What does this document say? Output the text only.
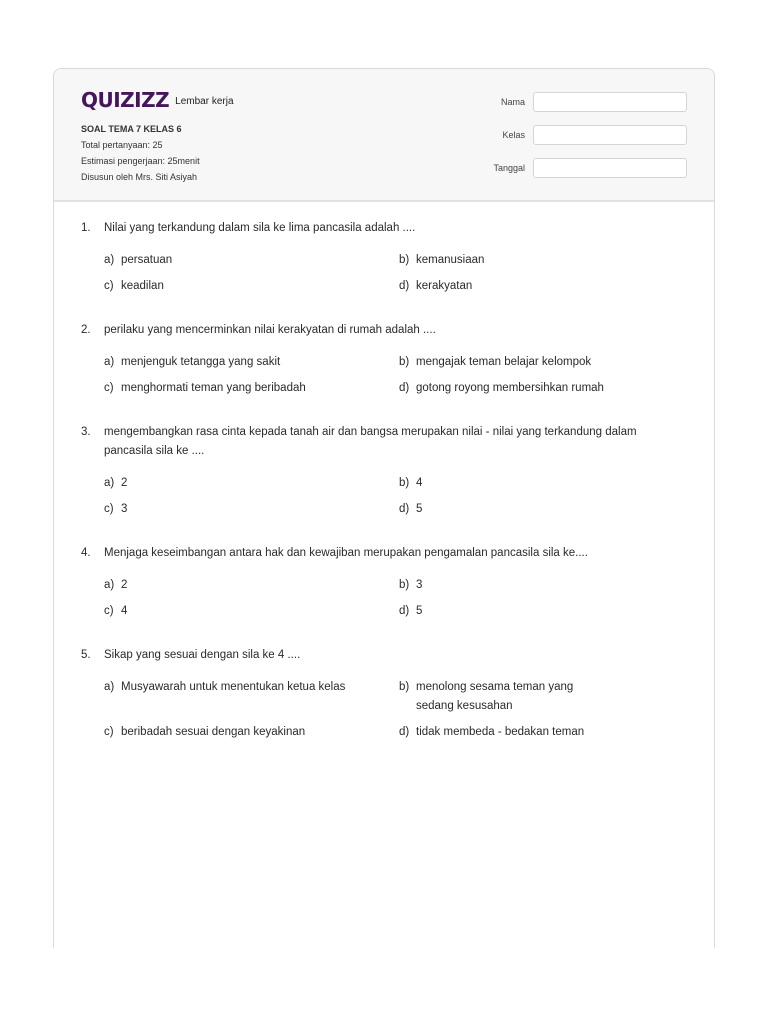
QUIZIZZ Lembar kerja
SOAL TEMA 7 KELAS 6
Total pertanyaan: 25
Estimasi pengerjaan: 25menit
Disusun oleh Mrs. Siti Asiyah
Nama
Kelas
Tanggal
1. Nilai yang terkandung dalam sila ke lima pancasila adalah ....
a) persatuan	b) kemanusiaan
c) keadilan	d) kerakyatan
2. perilaku yang mencerminkan nilai kerakyatan di rumah adalah ....
a) menjenguk tetangga yang sakit	b) mengajak teman belajar kelompok
c) menghormati teman yang beribadah	d) gotong royong membersihkan rumah
3. mengembangkan rasa cinta kepada tanah air dan bangsa merupakan nilai - nilai yang terkandung dalam pancasila sila ke ....
a) 2	b) 4
c) 3	d) 5
4. Menjaga keseimbangan antara hak dan kewajiban merupakan pengamalan pancasila sila ke....
a) 2	b) 3
c) 4	d) 5
5. Sikap yang sesuai dengan sila ke 4 ....
a) Musyawarah untuk menentukan ketua kelas	b) menolong sesama teman yang sedang kesusahan
c) beribadah sesuai dengan keyakinan	d) tidak membeda - bedakan teman
